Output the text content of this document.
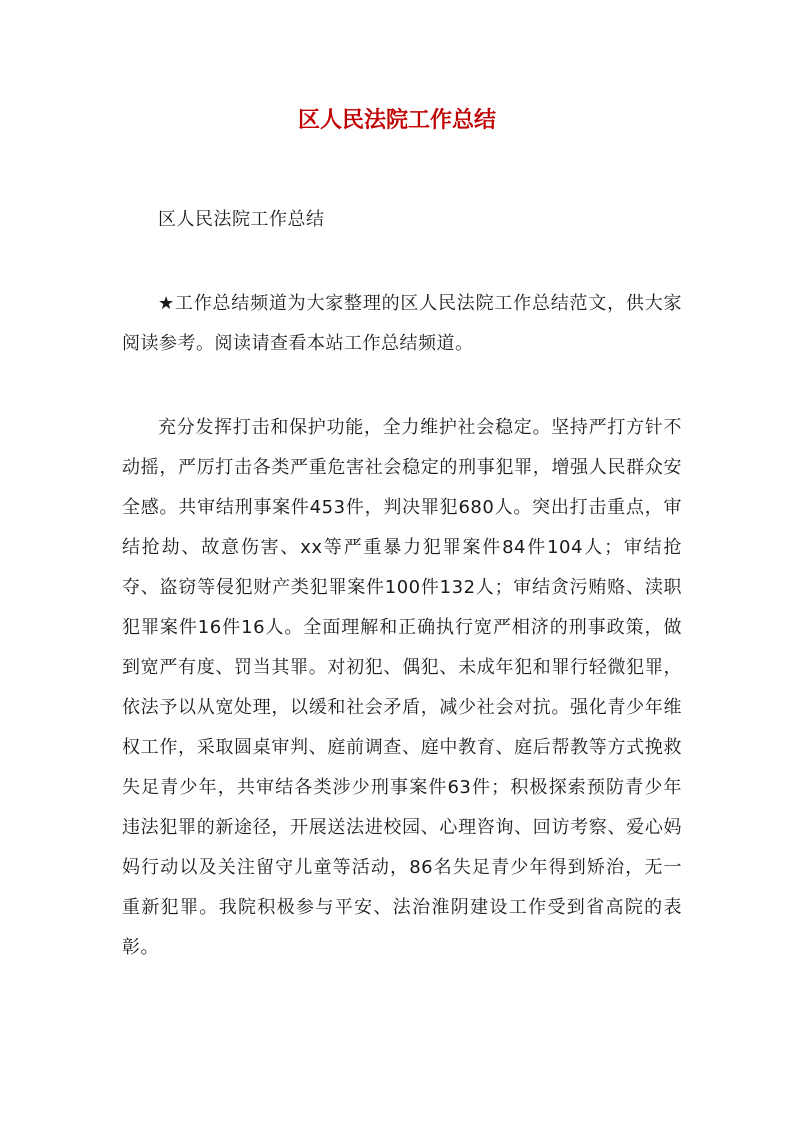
区人民法院工作总结

区人民法院工作总结

★工作总结频道为大家整理的区人民法院工作总结范文，供大家阅读参考。阅读请查看本站工作总结频道。

充分发挥打击和保护功能，全力维护社会稳定。坚持严打方针不动摇，严厉打击各类严重危害社会稳定的刑事犯罪，增强人民群众安全感。共审结刑事案件453件，判决罪犯680人。突出打击重点，审结抢劫、故意伤害、xx等严重暴力犯罪案件84件104人；审结抢夺、盗窃等侵犯财产类犯罪案件100件132人；审结贪污贿赂、渎职犯罪案件16件16人。全面理解和正确执行宽严相济的刑事政策，做到宽严有度、罚当其罪。对初犯、偶犯、未成年犯和罪行轻微犯罪，依法予以从宽处理，以缓和社会矛盾，减少社会对抗。强化青少年维权工作，采取圆桌审判、庭前调查、庭中教育、庭后帮教等方式挽救失足青少年，共审结各类涉少刑事案件63件；积极探索预防青少年违法犯罪的新途径，开展送法进校园、心理咨询、回访考察、爱心妈妈行动以及关注留守儿童等活动，86名失足青少年得到矫治，无一重新犯罪。我院积极参与平安、法治淮阴建设工作受到省高院的表彰。
